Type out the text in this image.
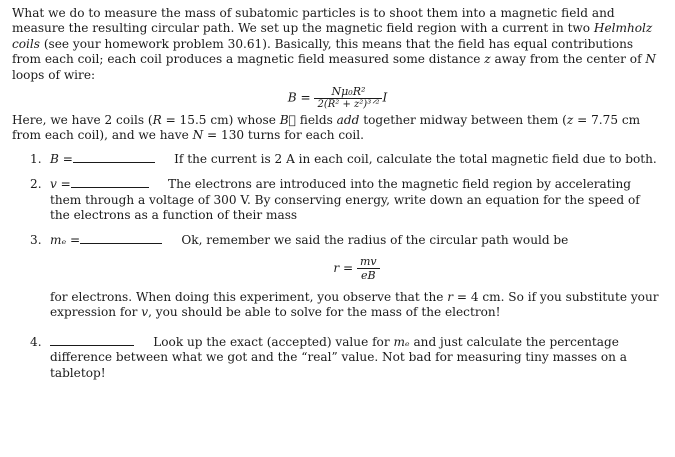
What we do to measure the mass of subatomic particles is to shoot them into a magnetic field and measure the resulting circular path. We set up the magnetic field region with a current in two Helmholz coils (see your homework problem 30.61). Basically, this means that the field has equal contributions from each coil; each coil produces a magnetic field measured some distance z away from the center of N loops of wire:

$B = \frac{\text{Nμ₀R²}}{\text{2(R² + z²)³ᐟ²}}$ I

Here, we have 2 coils (R = 15.5 cm) whose B⃗ fields add together midway between them (z = 7.75 cm from each coil), and we have N = 130 turns for each coil.

1. B =	If the current is 2 A in each coil, calculate the total magnetic field due to both.
2. v =	The electrons are introduced into the magnetic field region by accelerating them through a voltage of 300 V. By conserving energy, write down an equation for the speed of the electrons as a function of their mass
3. mₑ =	Ok, remember we said the radius of the circular path would be
$r = \frac{mv}{eB}$

for electrons. When doing this experiment, you observe that the r = 4 cm. So if you substitute your expression for v, you should be able to solve for the mass of the electron!

4.	Look up the exact (accepted) value for mₑ and just calculate the percentage difference between what we got and the “real” value. Not bad for measuring tiny masses on a tabletop!
